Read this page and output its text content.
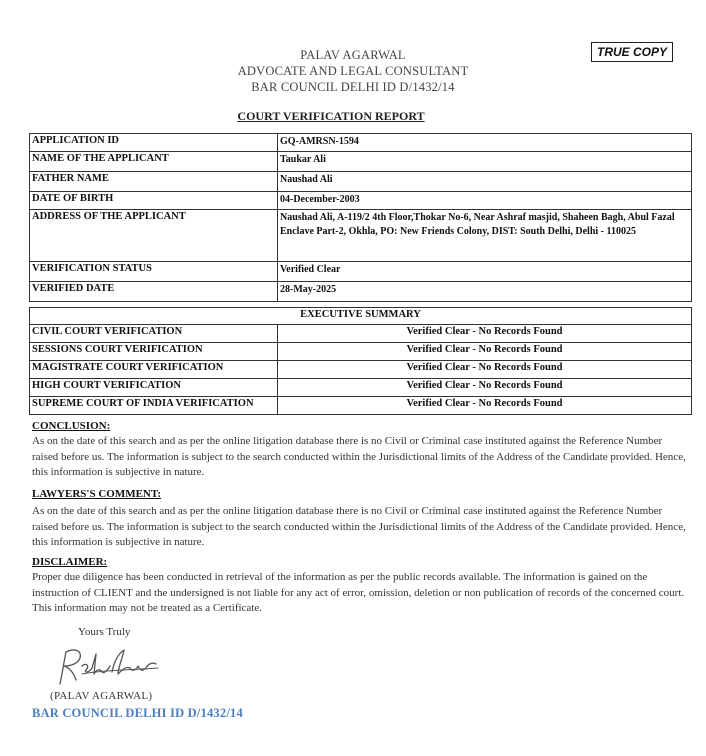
PALAV AGARWAL
ADVOCATE AND LEGAL CONSULTANT
BAR COUNCIL DELHI ID D/1432/14
TRUE COPY
COURT VERIFICATION REPORT
APPLICATION ID	GQ-AMRSN-1594
NAME OF THE APPLICANT	Taukar Ali
FATHER NAME	Naushad Ali
DATE OF BIRTH	04-December-2003
ADDRESS OF THE APPLICANT	Naushad Ali, A-119/2 4th Floor,Thokar No-6, Near Ashraf masjid, Shaheen Bagh, Abul Fazal Enclave Part-2, Okhla, PO: New Friends Colony, DIST: South Delhi, Delhi - 110025
VERIFICATION STATUS	Verified Clear
VERIFIED DATE	28-May-2025
EXECUTIVE SUMMARY	
CIVIL COURT VERIFICATION	Verified Clear - No Records Found
SESSIONS COURT VERIFICATION	Verified Clear - No Records Found
MAGISTRATE COURT VERIFICATION	Verified Clear - No Records Found
HIGH COURT VERIFICATION	Verified Clear - No Records Found
SUPREME COURT OF INDIA VERIFICATION	Verified Clear - No Records Found
CONCLUSION:
As on the date of this search and as per the online litigation database there is no Civil or Criminal case instituted against the Reference Number raised before us. The information is subject to the search conducted within the Jurisdictional limits of the Address of the Candidate provided. Hence, this information is subjective in nature.
LAWYERS'S COMMENT:
As on the date of this search and as per the online litigation database there is no Civil or Criminal case instituted against the Reference Number raised before us. The information is subject to the search conducted within the Jurisdictional limits of the Address of the Candidate provided. Hence, this information is subjective in nature.
DISCLAIMER:
Proper due diligence has been conducted in retrieval of the information as per the public records available. The information is gained on the instruction of CLIENT and the undersigned is not liable for any act of error, omission, deletion or non publication of records of the concerned court. This information may not be treated as a Certificate.
Yours Truly
(PALAV AGARWAL)
BAR COUNCIL DELHI ID D/1432/14
